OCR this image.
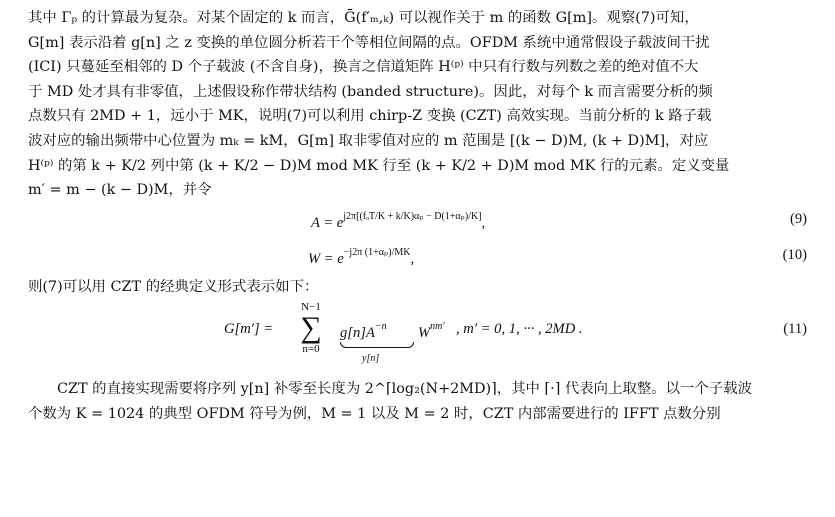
其中 Γₚ 的计算最为复杂。对某个固定的 k 而言，Ḡ(f′ₘ,ₖ) 可以视作关于 m 的函数 G[m]。观察(7)可知，
G[m] 表示沿着 g[n] 之 z 变换的单位圆分析若干个等相位间隔的点。OFDM 系统中通常假设子载波间干扰
(ICI) 只蔓延至相邻的 D 个子载波 (不含自身)，换言之信道矩阵 H⁽ᵖ⁾ 中只有行数与列数之差的绝对值不大
于 MD 处才具有非零值，上述假设称作带状结构 (banded structure)。因此，对每个 k 而言需要分析的频
点数只有 2MD + 1，远小于 MK，说明(7)可以利用 chirp-Z 变换 (CZT) 高效实现。当前分析的 k 路子载
波对应的输出频带中心位置为 mₖ = kM，G[m] 取非零值对应的 m 范围是 [(k − D)M, (k + D)M]，对应
H⁽ᵖ⁾ 的第 k + K/2 列中第 (k + K/2 − D)M mod MK 行至 (k + K/2 + D)M mod MK 行的元素。定义变量
m′ = m − (k − D)M，并令
$A = e^{j2\pi[(f_oT/K + k/K)\alpha_p - D(1+\alpha_p)/K]}$,	(9)
$W = e^{-j2\pi (1+\alpha_p)/MK}$,	(10)
则(7)可以用 CZT 的经典定义形式表示如下：
G[m′] =
N−1
∑
n=0
$g[n]A^{-n}$
y[n]
$W^{nm'}$ , m′ = 0, 1, ··· , 2MD .	(11)
CZT 的直接实现需要将序列 y[n] 补零至长度为 2^⌈log₂(N+2MD)⌉，其中 ⌈·⌉ 代表向上取整。以一个子载波
个数为 K = 1024 的典型 OFDM 符号为例，M = 1 以及 M = 2 时，CZT 内部需要进行的 IFFT 点数分别
